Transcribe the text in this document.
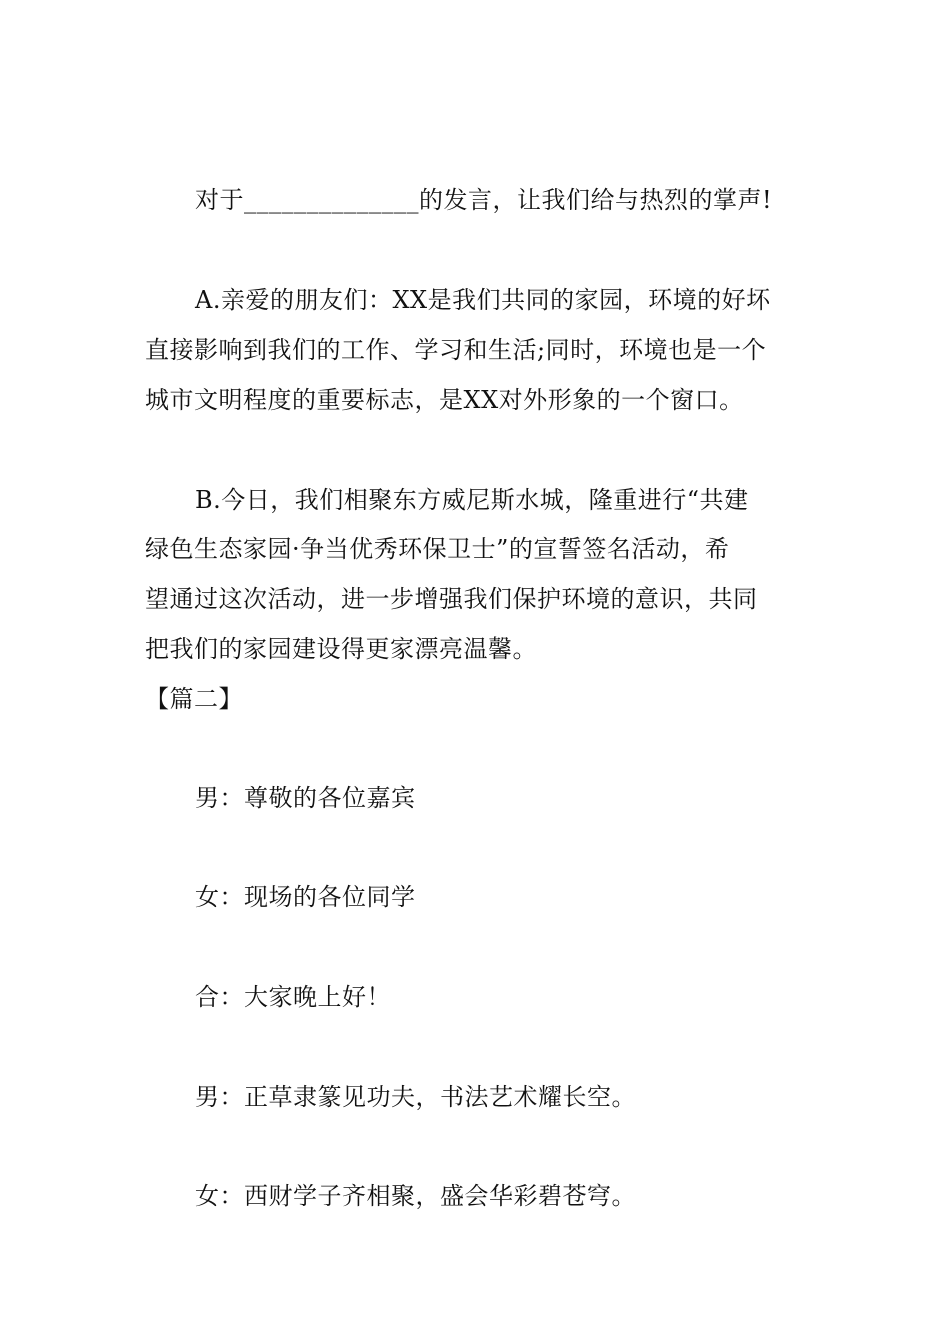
对于______________的发言，让我们给与热烈的掌声!
A.亲爱的朋友们：XX是我们共同的家园，环境的好坏
直接影响到我们的工作、学习和生活;同时，环境也是一个
城市文明程度的重要标志，是XX对外形象的一个窗口。
B.今日，我们相聚东方威尼斯水城，隆重进行“共建
绿色生态家园·争当优秀环保卫士”的宣誓签名活动，希
望通过这次活动，进一步增强我们保护环境的意识，共同
把我们的家园建设得更家漂亮温馨。
【篇二】
男：尊敬的各位嘉宾
女：现场的各位同学
合：大家晚上好！
男：正草隶篆见功夫，书法艺术耀长空。
女：西财学子齐相聚，盛会华彩碧苍穹。
